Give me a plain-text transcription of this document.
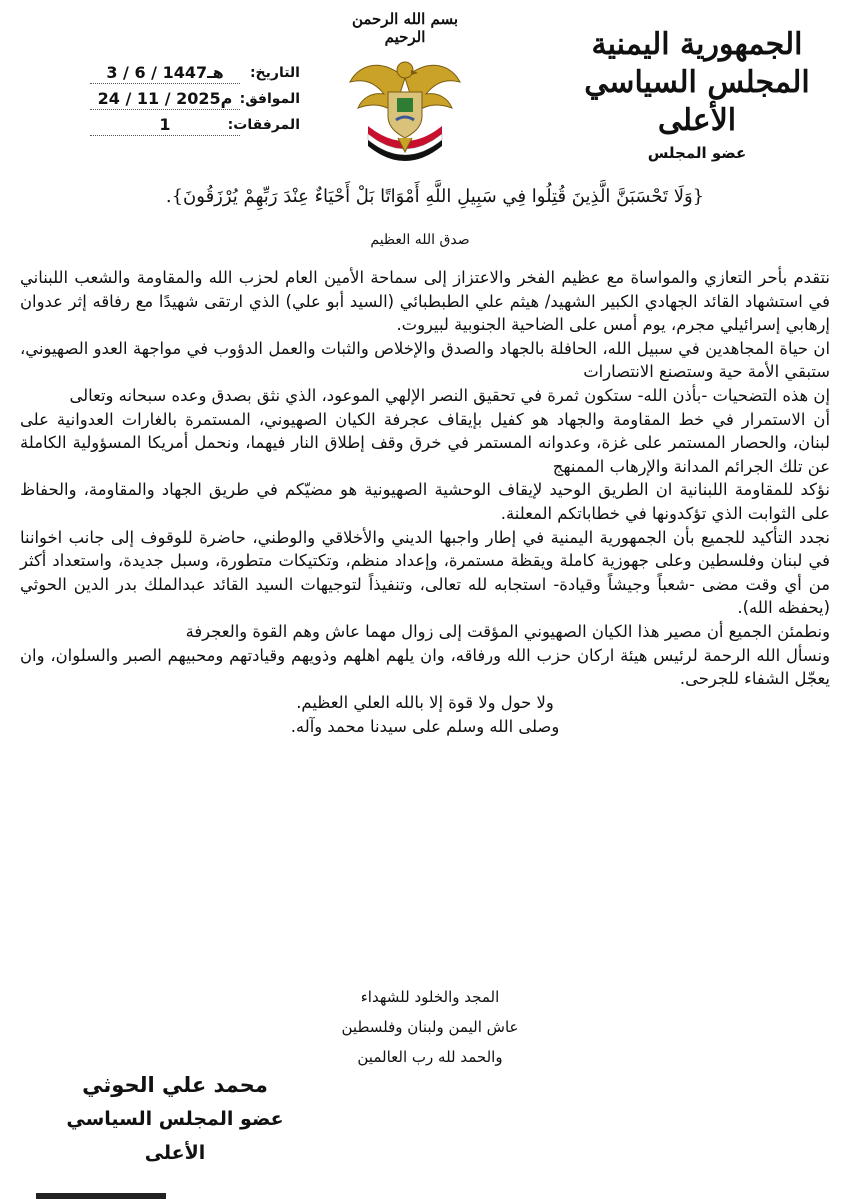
الجمهورية اليمنية
المجلس السياسي الأعلى
عضو المجلس
بسم الله الرحمن الرحيم
التاريخ:
3 / 6 / 1447هـ
الموافق:
24 / 11 / 2025م
المرفقات:
1
{وَلَا تَحْسَبَنَّ الَّذِينَ قُتِلُوا فِي سَبِيلِ اللَّهِ أَمْوَاتًا بَلْ أَحْيَاءٌ عِنْدَ رَبِّهِمْ يُرْزَقُونَ}.
صدق الله العظيم

نتقدم بأحر التعازي والمواساة مع عظيم الفخر والاعتزاز إلى سماحة الأمين العام لحزب الله والمقاومة والشعب اللبناني في استشهاد القائد الجهادي الكبير الشهيد/ هيثم علي الطبطبائي (السيد أبو علي) الذي ارتقى شهيدًا مع رفاقه إثر عدوان إرهابي إسرائيلي مجرم، يوم أمس على الضاحية الجنوبية لبيروت.

ان حياة المجاهدين في سبيل الله، الحافلة بالجهاد والصدق والإخلاص والثبات والعمل الدؤوب في مواجهة العدو الصهيوني، ستبقي الأمة حية وستصنع الانتصارات

إن هذه التضحيات -بأذن الله- ستكون ثمرة في تحقيق النصر الإلهي الموعود، الذي نثق بصدق وعده سبحانه وتعالى

أن الاستمرار في خط المقاومة والجهاد هو كفيل بإيقاف عجرفة الكيان الصهيوني، المستمرة بالغارات العدوانية على لبنان، والحصار المستمر على غزة، وعدوانه المستمر في خرق وقف إطلاق النار فيهما، ونحمل أمريكا المسؤولية الكاملة عن تلك الجرائم المدانة والإرهاب الممنهج

نؤكد للمقاومة اللبنانية ان الطريق الوحيد لإيقاف الوحشية الصهيونية هو مضيّكم في طريق الجهاد والمقاومة، والحفاظ على الثوابت الذي تؤكدونها في خطاباتكم المعلنة.

نجدد التأكيد للجميع بأن الجمهورية اليمنية في إطار واجبها الديني والأخلاقي والوطني، حاضرة للوقوف إلى جانب اخواننا في لبنان وفلسطين وعلى جهوزية كاملة ويقظة مستمرة، وإعداد منظم، وتكتيكات متطورة، وسبل جديدة، واستعداد أكثر من أي وقت مضى -شعباً وجيشاً وقيادة- استجابه لله تعالى، وتنفيذاً لتوجيهات السيد القائد عبدالملك بدر الدين الحوثي (يحفظه الله).

ونطمئن الجميع أن مصير هذا الكيان الصهيوني المؤقت إلى زوال مهما عاش وهم القوة والعجرفة

ونسأل الله الرحمة لرئيس هيئة اركان حزب الله ورفاقه، وان يلهم اهلهم وذويهم وقيادتهم ومحبيهم الصبر والسلوان، وان يعجّل الشفاء للجرحى.

ولا حول ولا قوة إلا بالله العلي العظيم.
وصلى الله وسلم على سيدنا محمد وآله.
المجد والخلود للشهداء
عاش اليمن ولبنان وفلسطين
والحمد لله رب العالمين
محمد علي الحوثي
عضو المجلس السياسي الأعلى
